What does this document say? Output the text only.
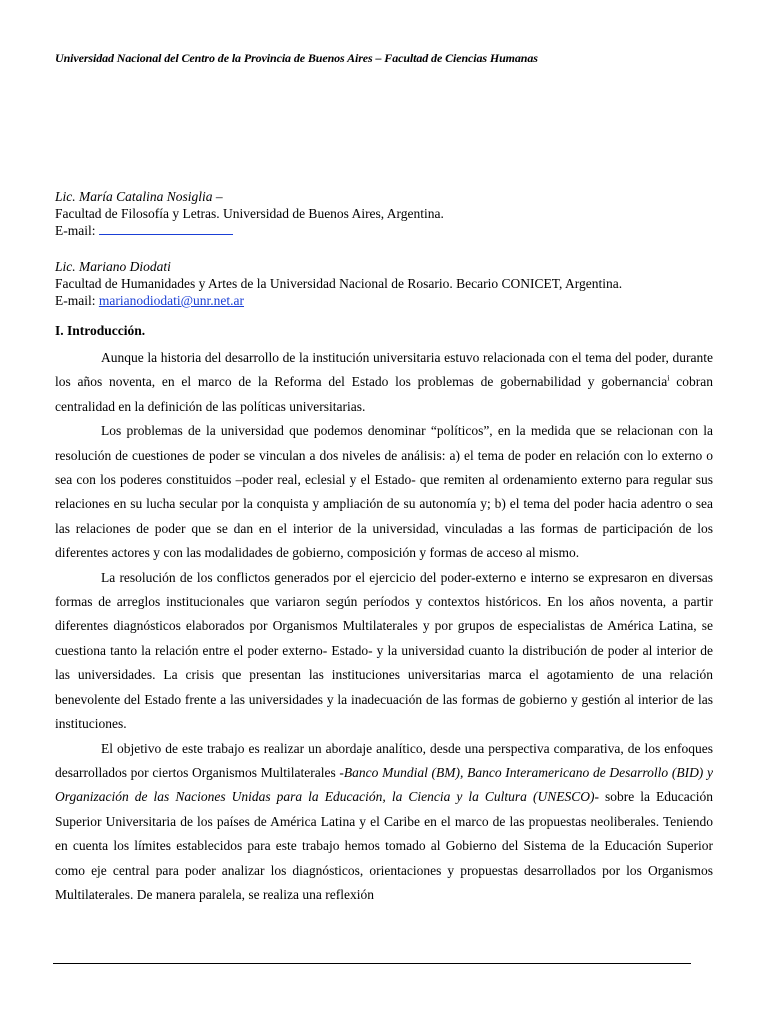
Universidad Nacional del Centro de la Provincia de Buenos Aires – Facultad de Ciencias Humanas
Lic. María Catalina Nosiglia –
Facultad de Filosofía y Letras. Universidad de Buenos Aires, Argentina.
E-mail:
Lic. Mariano Diodati
Facultad de Humanidades y Artes de la Universidad Nacional de Rosario. Becario CONICET, Argentina.
E-mail: marianodiodati@unr.net.ar
I. Introducción.

Aunque la historia del desarrollo de la institución universitaria estuvo relacionada con el tema del poder, durante los años noventa, en el marco de la Reforma del Estado los problemas de gobernabilidad y gobernancia$^i$ cobran centralidad en la definición de las políticas universitarias.

Los problemas de la universidad que podemos denominar “políticos”, en la medida que se relacionan con la resolución de cuestiones de poder se vinculan a dos niveles de análisis: a) el tema de poder en relación con lo externo o sea con los poderes constituidos –poder real, eclesial y el Estado- que remiten al ordenamiento externo para regular sus relaciones en su lucha secular por la conquista y ampliación de su autonomía y; b) el tema del poder hacia adentro o sea las relaciones de poder que se dan en el interior de la universidad, vinculadas a las formas de participación de los diferentes actores y con las modalidades de gobierno, composición y formas de acceso al mismo.

La resolución de los conflictos generados por el ejercicio del poder-externo e interno se expresaron en diversas formas de arreglos institucionales que variaron según períodos y contextos históricos. En los años noventa, a partir diferentes diagnósticos elaborados por Organismos Multilaterales y por grupos de especialistas de América Latina, se cuestiona tanto la relación entre el poder externo- Estado- y la universidad cuanto la distribución de poder al interior de las universidades. La crisis que presentan las instituciones universitarias marca el agotamiento de una relación benevolente del Estado frente a las universidades y la inadecuación de las formas de gobierno y gestión al interior de las instituciones.

El objetivo de este trabajo es realizar un abordaje analítico, desde una perspectiva comparativa, de los enfoques desarrollados por ciertos Organismos Multilaterales -Banco Mundial (BM), Banco Interamericano de Desarrollo (BID) y Organización de las Naciones Unidas para la Educación, la Ciencia y la Cultura (UNESCO)- sobre la Educación Superior Universitaria de los países de América Latina y el Caribe en el marco de las propuestas neoliberales. Teniendo en cuenta los límites establecidos para este trabajo hemos tomado al Gobierno del Sistema de la Educación Superior como eje central para poder analizar los diagnósticos, orientaciones y propuestas desarrollados por los Organismos Multilaterales. De manera paralela, se realiza una reflexión
